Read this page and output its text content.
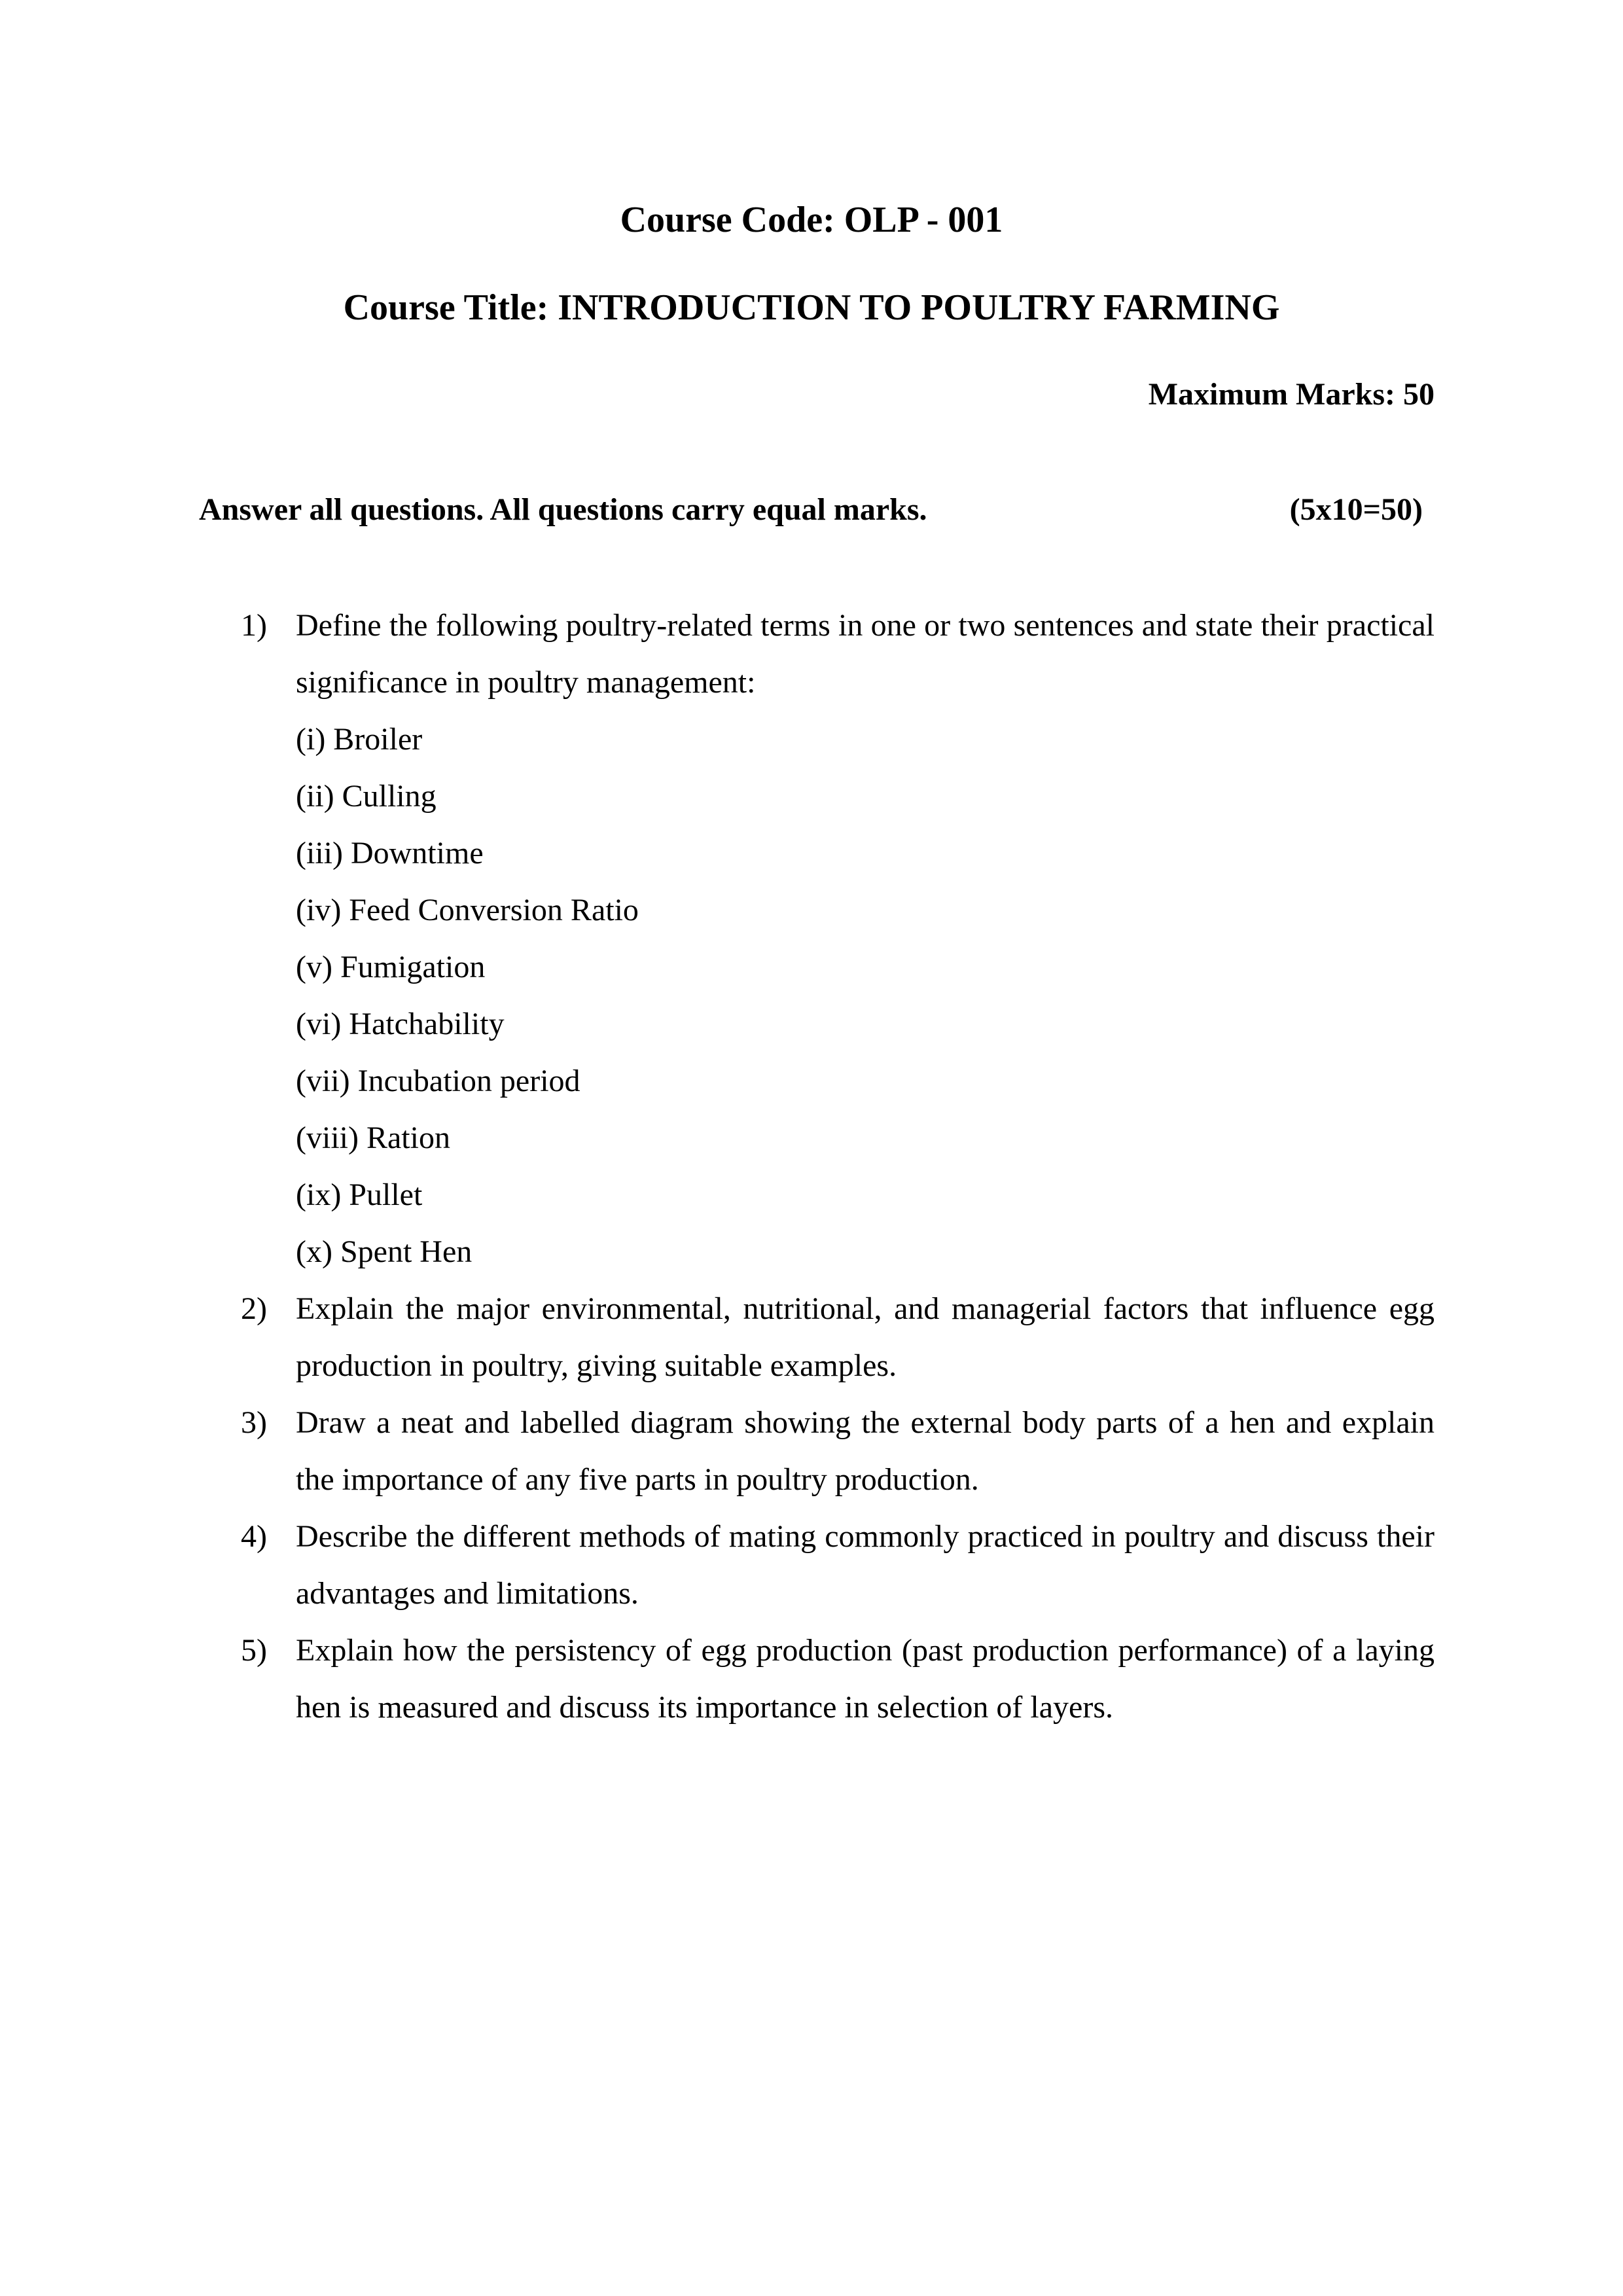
Course Code: OLP - 001
Course Title: INTRODUCTION TO POULTRY FARMING
Maximum Marks: 50
Answer all questions. All questions carry equal marks.	(5x10=50)
1) Define the following poultry-related terms in one or two sentences and state their practical significance in poultry management:
(i) Broiler
(ii) Culling
(iii) Downtime
(iv) Feed Conversion Ratio
(v) Fumigation
(vi) Hatchability
(vii) Incubation period
(viii) Ration
(ix) Pullet
(x) Spent Hen
2) Explain the major environmental, nutritional, and managerial factors that influence egg production in poultry, giving suitable examples.
3) Draw a neat and labelled diagram showing the external body parts of a hen and explain the importance of any five parts in poultry production.
4) Describe the different methods of mating commonly practiced in poultry and discuss their advantages and limitations.
5) Explain how the persistency of egg production (past production performance) of a laying hen is measured and discuss its importance in selection of layers.
